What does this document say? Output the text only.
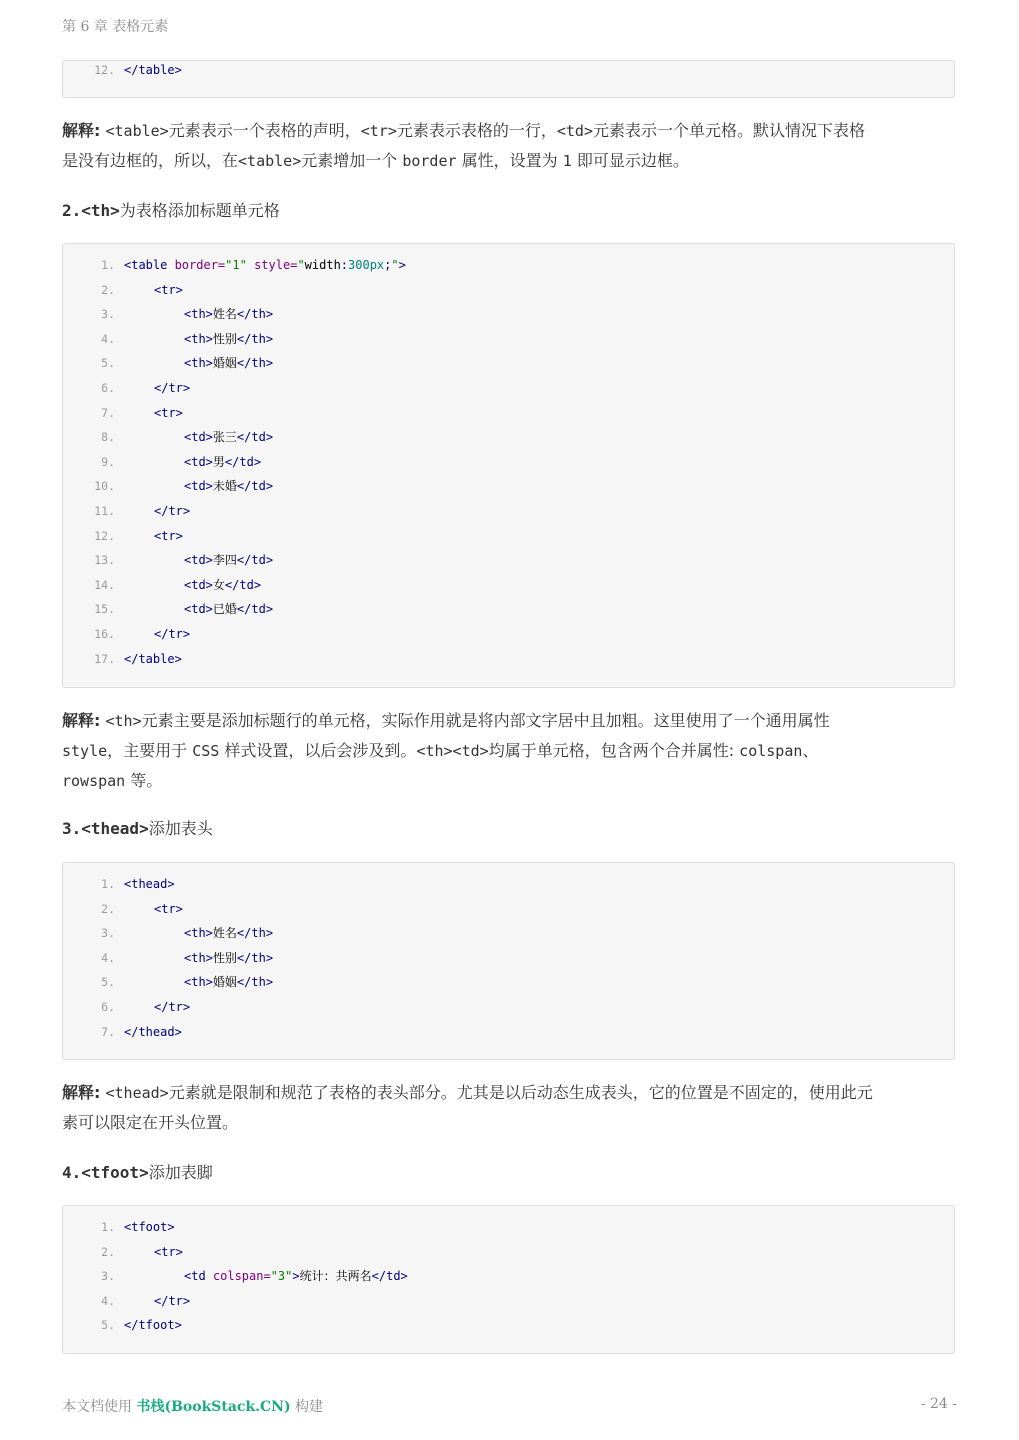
第 6 章 表格元素
12. </table>
解释: <table>元素表示一个表格的声明，<tr>元素表示表格的一行，<td>元素表示一个单元格。默认情况下表格
是没有边框的，所以，在<table>元素增加一个 border 属性，设置为 1 即可显示边框。
2.<th>为表格添加标题单元格
1. <table border="1" style="width:300px;">
2.	<tr>
3.	<th>姓名</th>
4.	<th>性别</th>
5.	<th>婚姻</th>
6.	</tr>
7.	<tr>
8.	<td>张三</td>
9.	<td>男</td>
10.	<td>未婚</td>
11.	</tr>
12.	<tr>
13.	<td>李四</td>
14.	<td>女</td>
15.	<td>已婚</td>
16.	</tr>
17. </table>
解释: <th>元素主要是添加标题行的单元格，实际作用就是将内部文字居中且加粗。这里使用了一个通用属性
style，主要用于 CSS 样式设置，以后会涉及到。<th><td>均属于单元格，包含两个合并属性: colspan、
rowspan 等。
3.<thead>添加表头
1. <thead>
2.	<tr>
3.	<th>姓名</th>
4.	<th>性别</th>
5.	<th>婚姻</th>
6.	</tr>
7. </thead>
解释: <thead>元素就是限制和规范了表格的表头部分。尤其是以后动态生成表头，它的位置是不固定的，使用此元
素可以限定在开头位置。
4.<tfoot>添加表脚
1. <tfoot>
2.	<tr>
3.	<td colspan="3">统计：共两名</td>
4.	</tr>
5. </tfoot>
本文档使用 书栈(BookStack.CN) 构建	- 24 -
